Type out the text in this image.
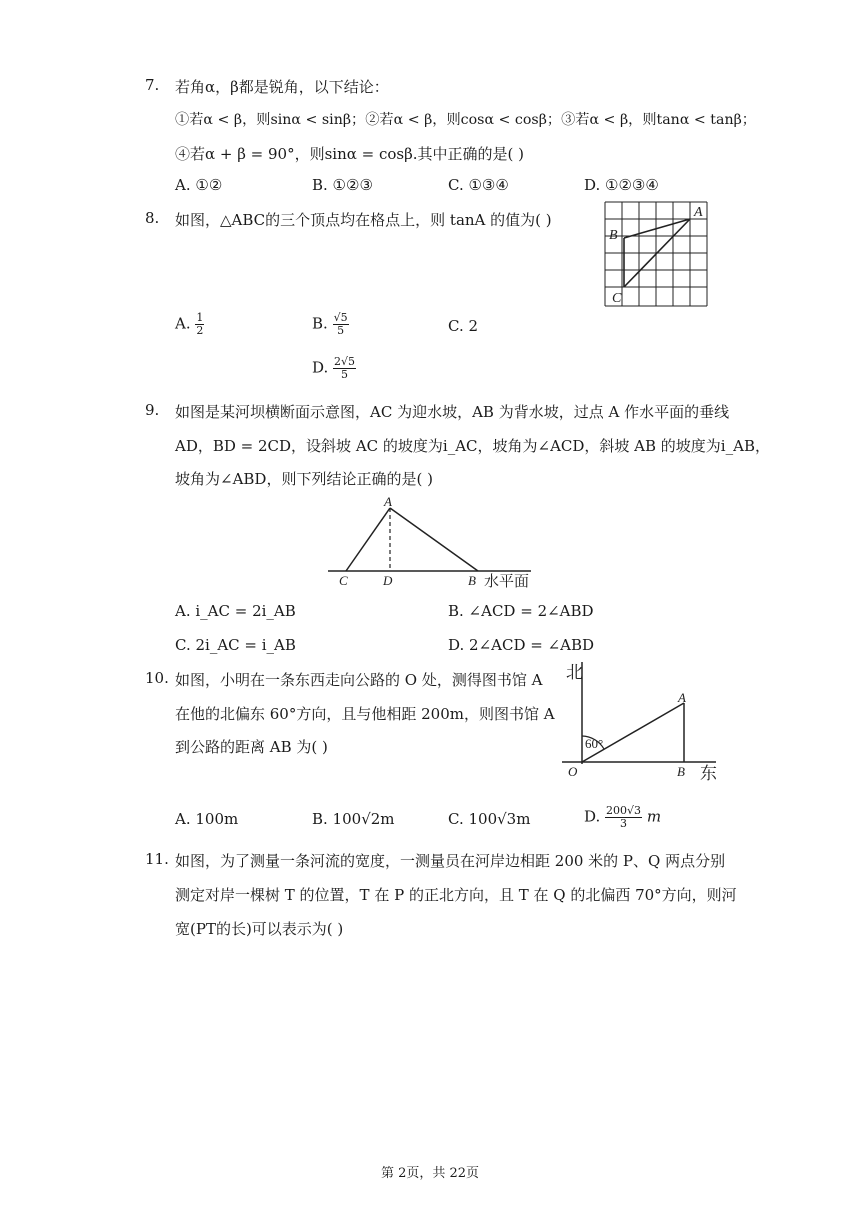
7. 若角α，β都是锐角，以下结论：
①若α < β，则sinα < sinβ；②若α < β，则cosα < cosβ；③若α < β，则tanα < tanβ；
④若α + β = 90°，则sinα = cosβ.其中正确的是( )
A. ①②	B. ①②③	C. ①③④	D. ①②③④
8. 如图，△ABC的三个顶点均在格点上，则 tanA 的值为( )	A
B
C
A. $\frac{1}{2}$	B. $\frac{√5}{5}$	C. 2
D. $\frac{2√5}{5}$
9. 如图是某河坝横断面示意图，AC 为迎水坡，AB 为背水坡，过点 A 作水平面的垂线
AD，BD = 2CD，设斜坡 AC 的坡度为i_AC，坡角为∠ACD，斜坡 AB 的坡度为i_AB，
坡角为∠ABD，则下列结论正确的是( )
A
C	D	B 水平面
A. i_AC = 2i_AB	B. ∠ACD = 2∠ABD
C. 2i_AC = i_AB	D. 2∠ACD = ∠ABD
10. 如图，小明在一条东西走向公路的 O 处，测得图书馆 A
在他的北偏东 60°方向，且与他相距 200m，则图书馆 A
到公路的距离 AB 为( )
北
60°
A
O	B 东
A. 100m	B. 100√2m	C. 100√3m	D. $\frac{200√3}{3}$ m
11. 如图，为了测量一条河流的宽度，一测量员在河岸边相距 200 米的 P、Q 两点分别
测定对岸一棵树 T 的位置，T 在 P 的正北方向，且 T 在 Q 的北偏西 70°方向，则河
宽(PT的长)可以表示为( )
第 2页，共 22页
